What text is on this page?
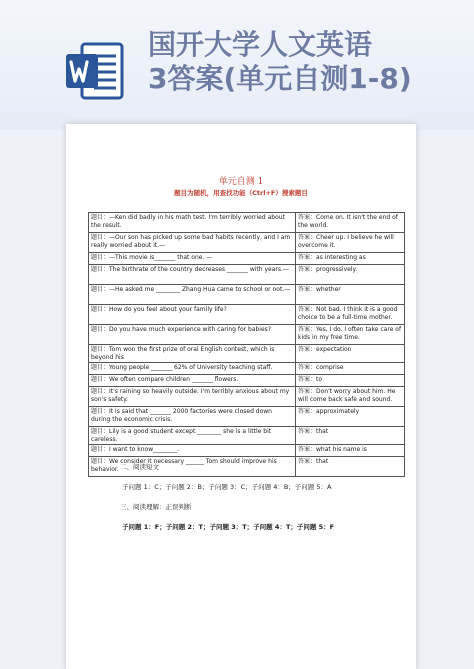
国开大学人文英语
3答案(单元自测1-8)
单元自测 1
题目为随机，用查找功能（Ctrl+F）搜索题目
题目：—Ken did badly in his math test. I'm terribly worried about the result.	答案：Come on. It isn't the end of the world.
题目：—Our son has picked up some bad habits recently, and I am really worried about it.—	答案：Cheer up. I believe he will overcome it.
题目：—This movie is_______ that one. —	答案：as interesting as
题目：The birthrate of the country decreases _______ with years.—	答案：progressively.
题目：—He asked me ________ Zhang Hua came to school or not.—	答案：whether
题目：How do you feel about your family life?	答案：Not bad. I think it is a good choice to be a full-time mother.
题目：Do you have much experience with caring for babies?	答案：Yes, I do. I often take care of kids in my free time.
题目：Tom won the first prize of oral English contest, which is beyond his	答案：expectation
题目：Young people _______ 62% of University teaching staff.	答案：comprise
题目：We often compare children _______ flowers.	答案：to
题目：It's raining so heavily outside. I'm terribly anxious about my son's safety.	答案：Don't worry about him. He will come back safe and sound.
题目：It is said that _______ 2000 factories were closed down during the economic crisis.	答案：approximately
题目：Lily is a good student except ________ she is a little bit careless.	答案：that
题目：I want to know________.	答案：what his name is
题目：We consider it necessary ______ Tom should improve his behavior.	答案：that
二、阅读短文
子问题 1：C；子问题 2：B；子问题 3：C；子问题 4：B；子问题 5：A
三、阅读理解：正误判断
子问题 1：F；子问题 2：T；子问题 3：T；子问题 4：T；子问题 5：F
